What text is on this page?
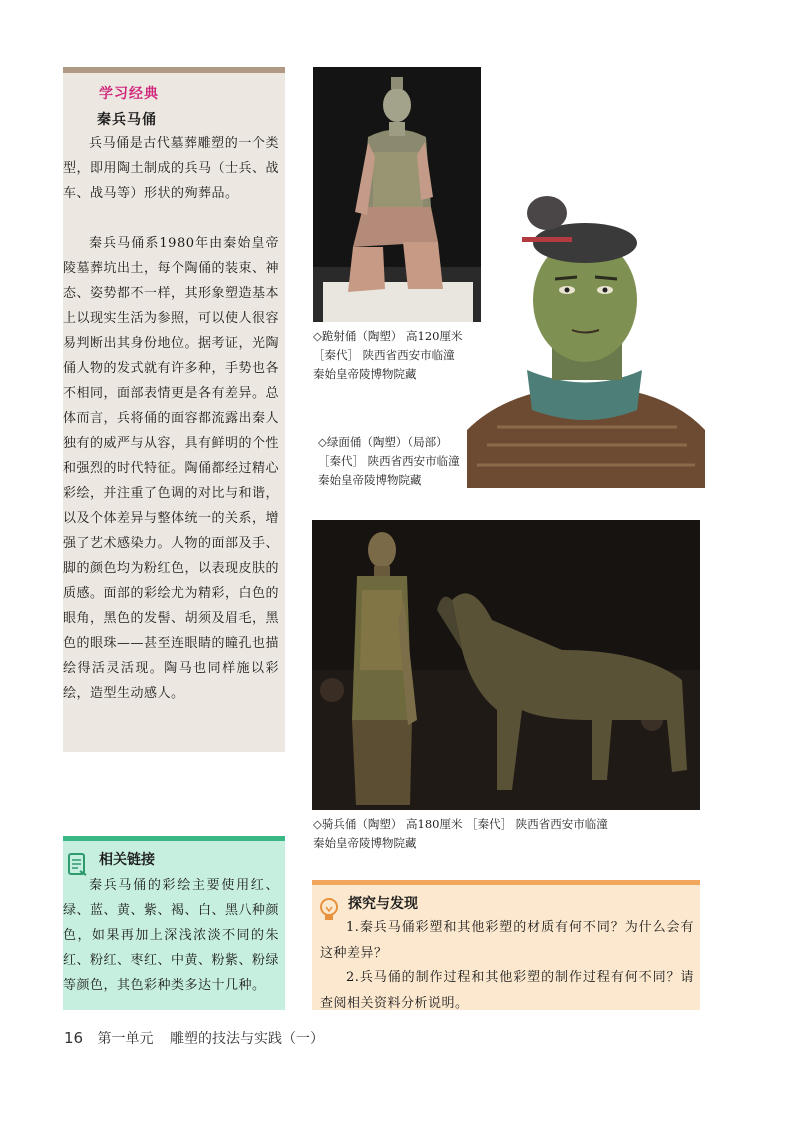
学习经典
秦兵马俑

兵马俑是古代墓葬雕塑的一个类型，即用陶土制成的兵马（士兵、战车、战马等）形状的殉葬品。

秦兵马俑系1980年由秦始皇帝陵墓葬坑出土，每个陶俑的装束、神态、姿势都不一样，其形象塑造基本上以现实生活为参照，可以使人很容易判断出其身份地位。据考证，光陶俑人物的发式就有许多种，手势也各不相同，面部表情更是各有差异。总体而言，兵将俑的面容都流露出秦人独有的威严与从容，具有鲜明的个性和强烈的时代特征。陶俑都经过精心彩绘，并注重了色调的对比与和谐，以及个体差异与整体统一的关系，增强了艺术感染力。人物的面部及手、脚的颜色均为粉红色，以表现皮肤的质感。面部的彩绘尤为精彩，白色的眼角，黑色的发髻、胡须及眉毛，黑色的眼珠——甚至连眼睛的瞳孔也描绘得活灵活现。陶马也同样施以彩绘，造型生动感人。

◇跪射俑（陶塑） 高120厘米
［秦代］ 陕西省西安市临潼
秦始皇帝陵博物院藏
◇绿面俑（陶塑）（局部）
［秦代］ 陕西省西安市临潼
秦始皇帝陵博物院藏
◇骑兵俑（陶塑） 高180厘米 ［秦代］ 陕西省西安市临潼
秦始皇帝陵博物院藏
相关链接

秦兵马俑的彩绘主要使用红、绿、蓝、黄、紫、褐、白、黑八种颜色，如果再加上深浅浓淡不同的朱红、粉红、枣红、中黄、粉紫、粉绿等颜色，其色彩种类多达十几种。

探究与发现

1.秦兵马俑彩塑和其他彩塑的材质有何不同？为什么会有这种差异？

2.兵马俑的制作过程和其他彩塑的制作过程有何不同？请查阅相关资料分析说明。

16 第一单元 雕塑的技法与实践（一）
